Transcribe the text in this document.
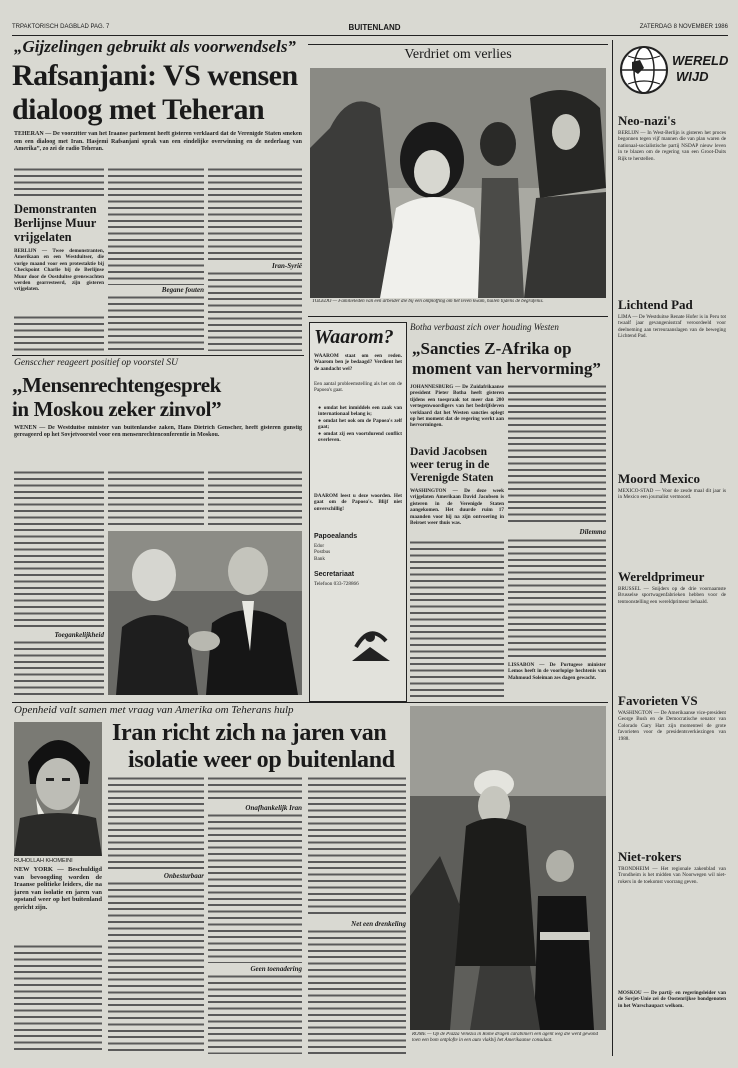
TRPAKTORISCH DAGBLAD PAG. 7	BUITENLAND	ZATERDAG 8 NOVEMBER 1986
„Gijzelingen gebruikt als voorwendsels”
Rafsanjani: VS wensen
dialoog met Teheran
TEHERAN — De voorzitter van het Iraanse parlement heeft gisteren verklaard dat de Verenigde Staten smeken om een dialoog met Iran. Hasjemi Rafsanjani sprak van een eindelijke overwinning en de nederlaag van Amerika”, zo zei de radio Teheran.
Iran-Syrië
Begane fouten
Demonstranten Berlijnse Muur vrijgelaten
BERLIJN — Twee demonstranten, Amerikaan en een Westduitser, die vorige maand voor een protestaktie bij Checkpoint Charlie bij de Berlijnse Muur door de Oostduitse grenswachten werden gearresteerd, zijn gisteren vrijgelaten.
Gensccher reageert positief op voorstel SU
„Mensenrechtengesprek
in Moskou zeker zinvol”
WENEN — De Westduitse minister van buitenlandse zaken, Hans Dietrich Genscher, heeft gisteren gunstig gereageerd op het Sovjetvoorstel voor een mensenrechtenconferentie in Moskou.
Toegankelijkheid
Verdriet om verlies
TOLEDO — Familieleden van een arbeider die bij een ontploffing om het leven kwam, huilen tijdens de begrafenis.
Waarom?
WAAROM staat om een reden. Waarom ben je bedaagd? Verdient het de aandacht wel?
Een aantal probleemstelling als het om de Papoea's gaat.
● omdat het inmiddels een zaak van internationaal belang is;
● omdat het ook om de Papoea's zelf gaat;
● omdat zij een voortdurend conflict overleven.
DAAROM leest u deze woorden. Het gaat om de Papoea's. Blijf niet onverschillig!
Papoealands
Edor
Postbus
Bank
Secretariaat
Telefoon 033-728866
Botha verbaast zich over houding Westen
„Sancties Z-Afrika op
moment van hervorming”
JOHANNESBURG — De Zuidafrikaanse president Pieter Botha heeft gisteren tijdens een toespraak tot meer dan 200 vertegenwoordigers van het bedrijfsleven verklaard dat het Westen sancties oplegt op het moment dat de regering werkt aan hervormingen.
David Jacobsen
weer terug in de
Verenigde Staten
WASHINGTON — De deze week vrijgelaten Amerikaan David Jacobsen is gisteren in de Verenigde Staten aangekomen. Het duurde ruim 17 maanden voor hij na zijn ontvoering in Beiroet weer thuis was.
Dilemma
LISSABON — De Portugese minister Lemos heeft in de voorlopige hechtenis van Mahmoud Soleiman zes dagen gewacht.
Openheid valt samen met vraag van Amerika om Teherans hulp
Iran richt zich na jaren van
isolatie weer op buitenland
RUHOLLAH KHOMEINI
NEW YORK — Beschuldigd van bevoogding worden de Iraanse politieke leiders, die na jaren van isolatie en jaren van opstand weer op het buitenland gericht zijn.
Onbesturbaar
Onafhankelijk Iran
Geen toenadering
Net een drenkeling
ROME — Op de Piazza Venezia in Rome dragen carabinieri een agent weg die werd gewond toen een bom ontplofte in een auto vlakbij het Amerikaanse consulaat.
WERELD
WIJD
Neo-nazi's
BERLIJN — In West-Berlijn is gisteren het proces begonnen tegen vijf mannen die van plan waren de nationaal-socialistische partij NSDAP nieuw leven in te blazen om de regering van een Groot-Duits Rijk te herstellen.
Lichtend Pad
LIMA — De Westduitse Renate Hofer is in Peru tot twaalf jaar gevangenisstraf veroordeeld voor deelneming aan terreuraanslagen van de beweging Lichtend Pad.
Moord Mexico
MEXICO-STAD — Voor de zesde maal dit jaar is in Mexico een journalist vermoord.
Wereldprimeur
BRUSSEL — Snijders op de drie voornaamste Brusselse sportwagenfabrieken hebben voor de tentoonstelling een wereldprimeur behaald.
Favorieten VS
WASHINGTON — De Amerikaanse vice-president George Bush en de Democratische senator van Colorado Gary Hart zijn momenteel de grote favorieten voor de presidentsverkiezingen van 1988.
Niet-rokers
TRONDHEIM — Het regionale zakenblad van Trondheim is het midden van Noorwegen wil niet-rokers in de toekomst voorrang geven.
MOSKOU — De partij- en regeringsleider van de Sovjet-Unie zei de Oostenrijkse bondgenoten in het Warschaupact welkom.
